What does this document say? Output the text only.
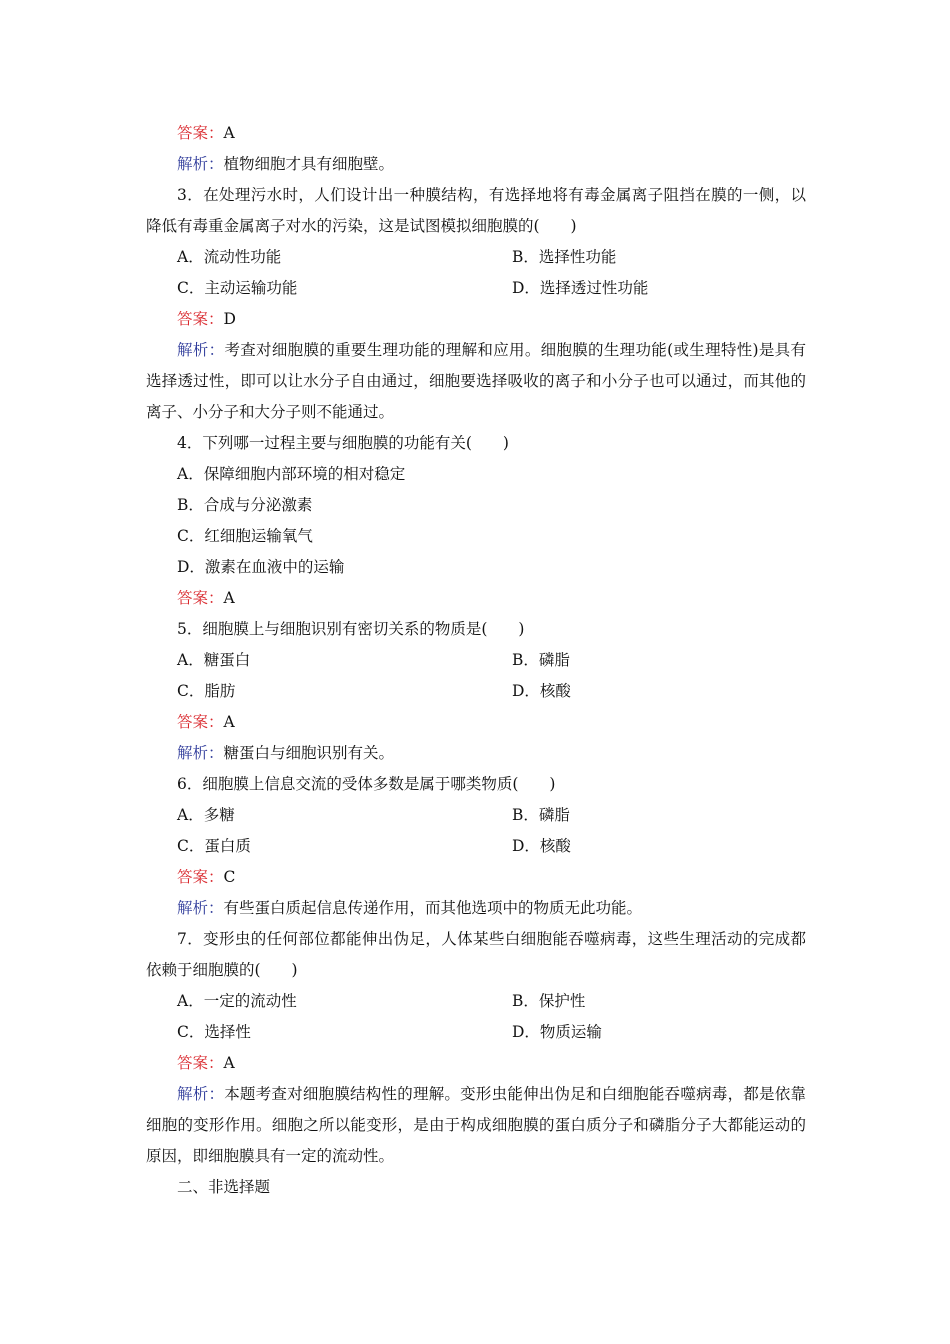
答案：A
解析：植物细胞才具有细胞壁。
3．在处理污水时，人们设计出一种膜结构，有选择地将有毒金属离子阻挡在膜的一侧，以降低有毒重金属离子对水的污染，这是试图模拟细胞膜的(　　)
A．流动性功能	B．选择性功能
C．主动运输功能	D．选择透过性功能
答案：D
解析：考查对细胞膜的重要生理功能的理解和应用。细胞膜的生理功能(或生理特性)是具有选择透过性，即可以让水分子自由通过，细胞要选择吸收的离子和小分子也可以通过，而其他的离子、小分子和大分子则不能通过。
4．下列哪一过程主要与细胞膜的功能有关(　　)
A．保障细胞内部环境的相对稳定
B．合成与分泌激素
C．红细胞运输氧气
D．激素在血液中的运输
答案：A
5．细胞膜上与细胞识别有密切关系的物质是(　　)
A．糖蛋白	B．磷脂
C．脂肪	D．核酸
答案：A
解析：糖蛋白与细胞识别有关。
6．细胞膜上信息交流的受体多数是属于哪类物质(　　)
A．多糖	B．磷脂
C．蛋白质	D．核酸
答案：C
解析：有些蛋白质起信息传递作用，而其他选项中的物质无此功能。
7．变形虫的任何部位都能伸出伪足，人体某些白细胞能吞噬病毒，这些生理活动的完成都依赖于细胞膜的(　　)
A．一定的流动性	B．保护性
C．选择性	D．物质运输
答案：A
解析：本题考查对细胞膜结构性的理解。变形虫能伸出伪足和白细胞能吞噬病毒，都是依靠细胞的变形作用。细胞之所以能变形，是由于构成细胞膜的蛋白质分子和磷脂分子大都能运动的原因，即细胞膜具有一定的流动性。
二、非选择题
